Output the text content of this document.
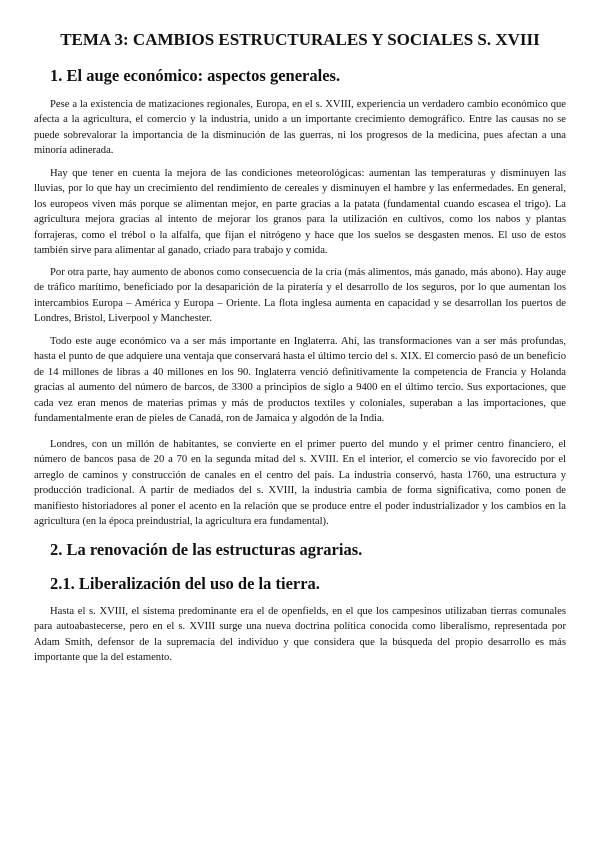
TEMA 3: CAMBIOS ESTRUCTURALES Y SOCIALES S. XVIII
1. El auge económico: aspectos generales.

Pese a la existencia de matizaciones regionales, Europa, en el s. XVIII, experiencia un verdadero cambio económico que afecta a la agricultura, el comercio y la industria, unido a un importante crecimiento demográfico. Entre las causas no se puede sobrevalorar la importancia de la disminución de las guerras, ni los progresos de la medicina, pues afectan a una minoría adinerada.

Hay que tener en cuenta la mejora de las condiciones meteorológicas: aumentan las temperaturas y disminuyen las lluvias, por lo que hay un crecimiento del rendimiento de cereales y disminuyen el hambre y las enfermedades. En general, los europeos viven más porque se alimentan mejor, en parte gracias a la patata (fundamental cuando escasea el trigo). La agricultura mejora gracias al intento de mejorar los granos para la utilización en cultivos, como los nabos y plantas forrajeras, como el trébol o la alfalfa, que fijan el nitrógeno y hace que los suelos se desgasten menos. El uso de estos también sirve para alimentar al ganado, criado para trabajo y comida.

Por otra parte, hay aumento de abonos como consecuencia de la cría (más alimentos, más ganado, más abono). Hay auge de tráfico marítimo, beneficiado por la desaparición de la piratería y el desarrollo de los seguros, por lo que aumentan los intercambios Europa – América y Europa – Oriente. La flota inglesa aumenta en capacidad y se desarrollan los puertos de Londres, Bristol, Liverpool y Manchester.

Todo este auge económico va a ser más importante en Inglaterra. Ahí, las transformaciones van a ser más profundas, hasta el punto de que adquiere una ventaja que conservará hasta el último tercio del s. XIX. El comercio pasó de un beneficio de 14 millones de libras a 40 millones en los 90. Inglaterra venció definitivamente la competencia de Francia y Holanda gracias al aumento del número de barcos, de 3300 a principios de siglo a 9400 en el último tercio. Sus exportaciones, que cada vez eran menos de materias primas y más de productos textiles y coloniales, superaban a las importaciones, que fundamentalmente eran de pieles de Canadá, ron de Jamaica y algodón de la India.

Londres, con un millón de habitantes, se convierte en el primer puerto del mundo y el primer centro financiero, el número de bancos pasa de 20 a 70 en la segunda mitad del s. XVIII. En el interior, el comercio se vio favorecido por el arreglo de caminos y construcción de canales en el centro del país. La industria conservó, hasta 1760, una estructura y producción tradicional. A partir de mediados del s. XVIII, la industria cambia de forma significativa, como ponen de manifiesto historiadores al poner el acento en la relación que se produce entre el poder industrializador y los cambios en la agricultura (en la época preindustrial, la agricultura era fundamental).

2. La renovación de las estructuras agrarias.
2.1. Liberalización del uso de la tierra.

Hasta el s. XVIII, el sistema predominante era el de openfields, en el que los campesinos utilizaban tierras comunales para autoabastecerse, pero en el s. XVIII surge una nueva doctrina política conocida como liberalismo, representada por Adam Smith, defensor de la supremacía del individuo y que considera que la búsqueda del propio desarrollo es más importante que la del estamento.
